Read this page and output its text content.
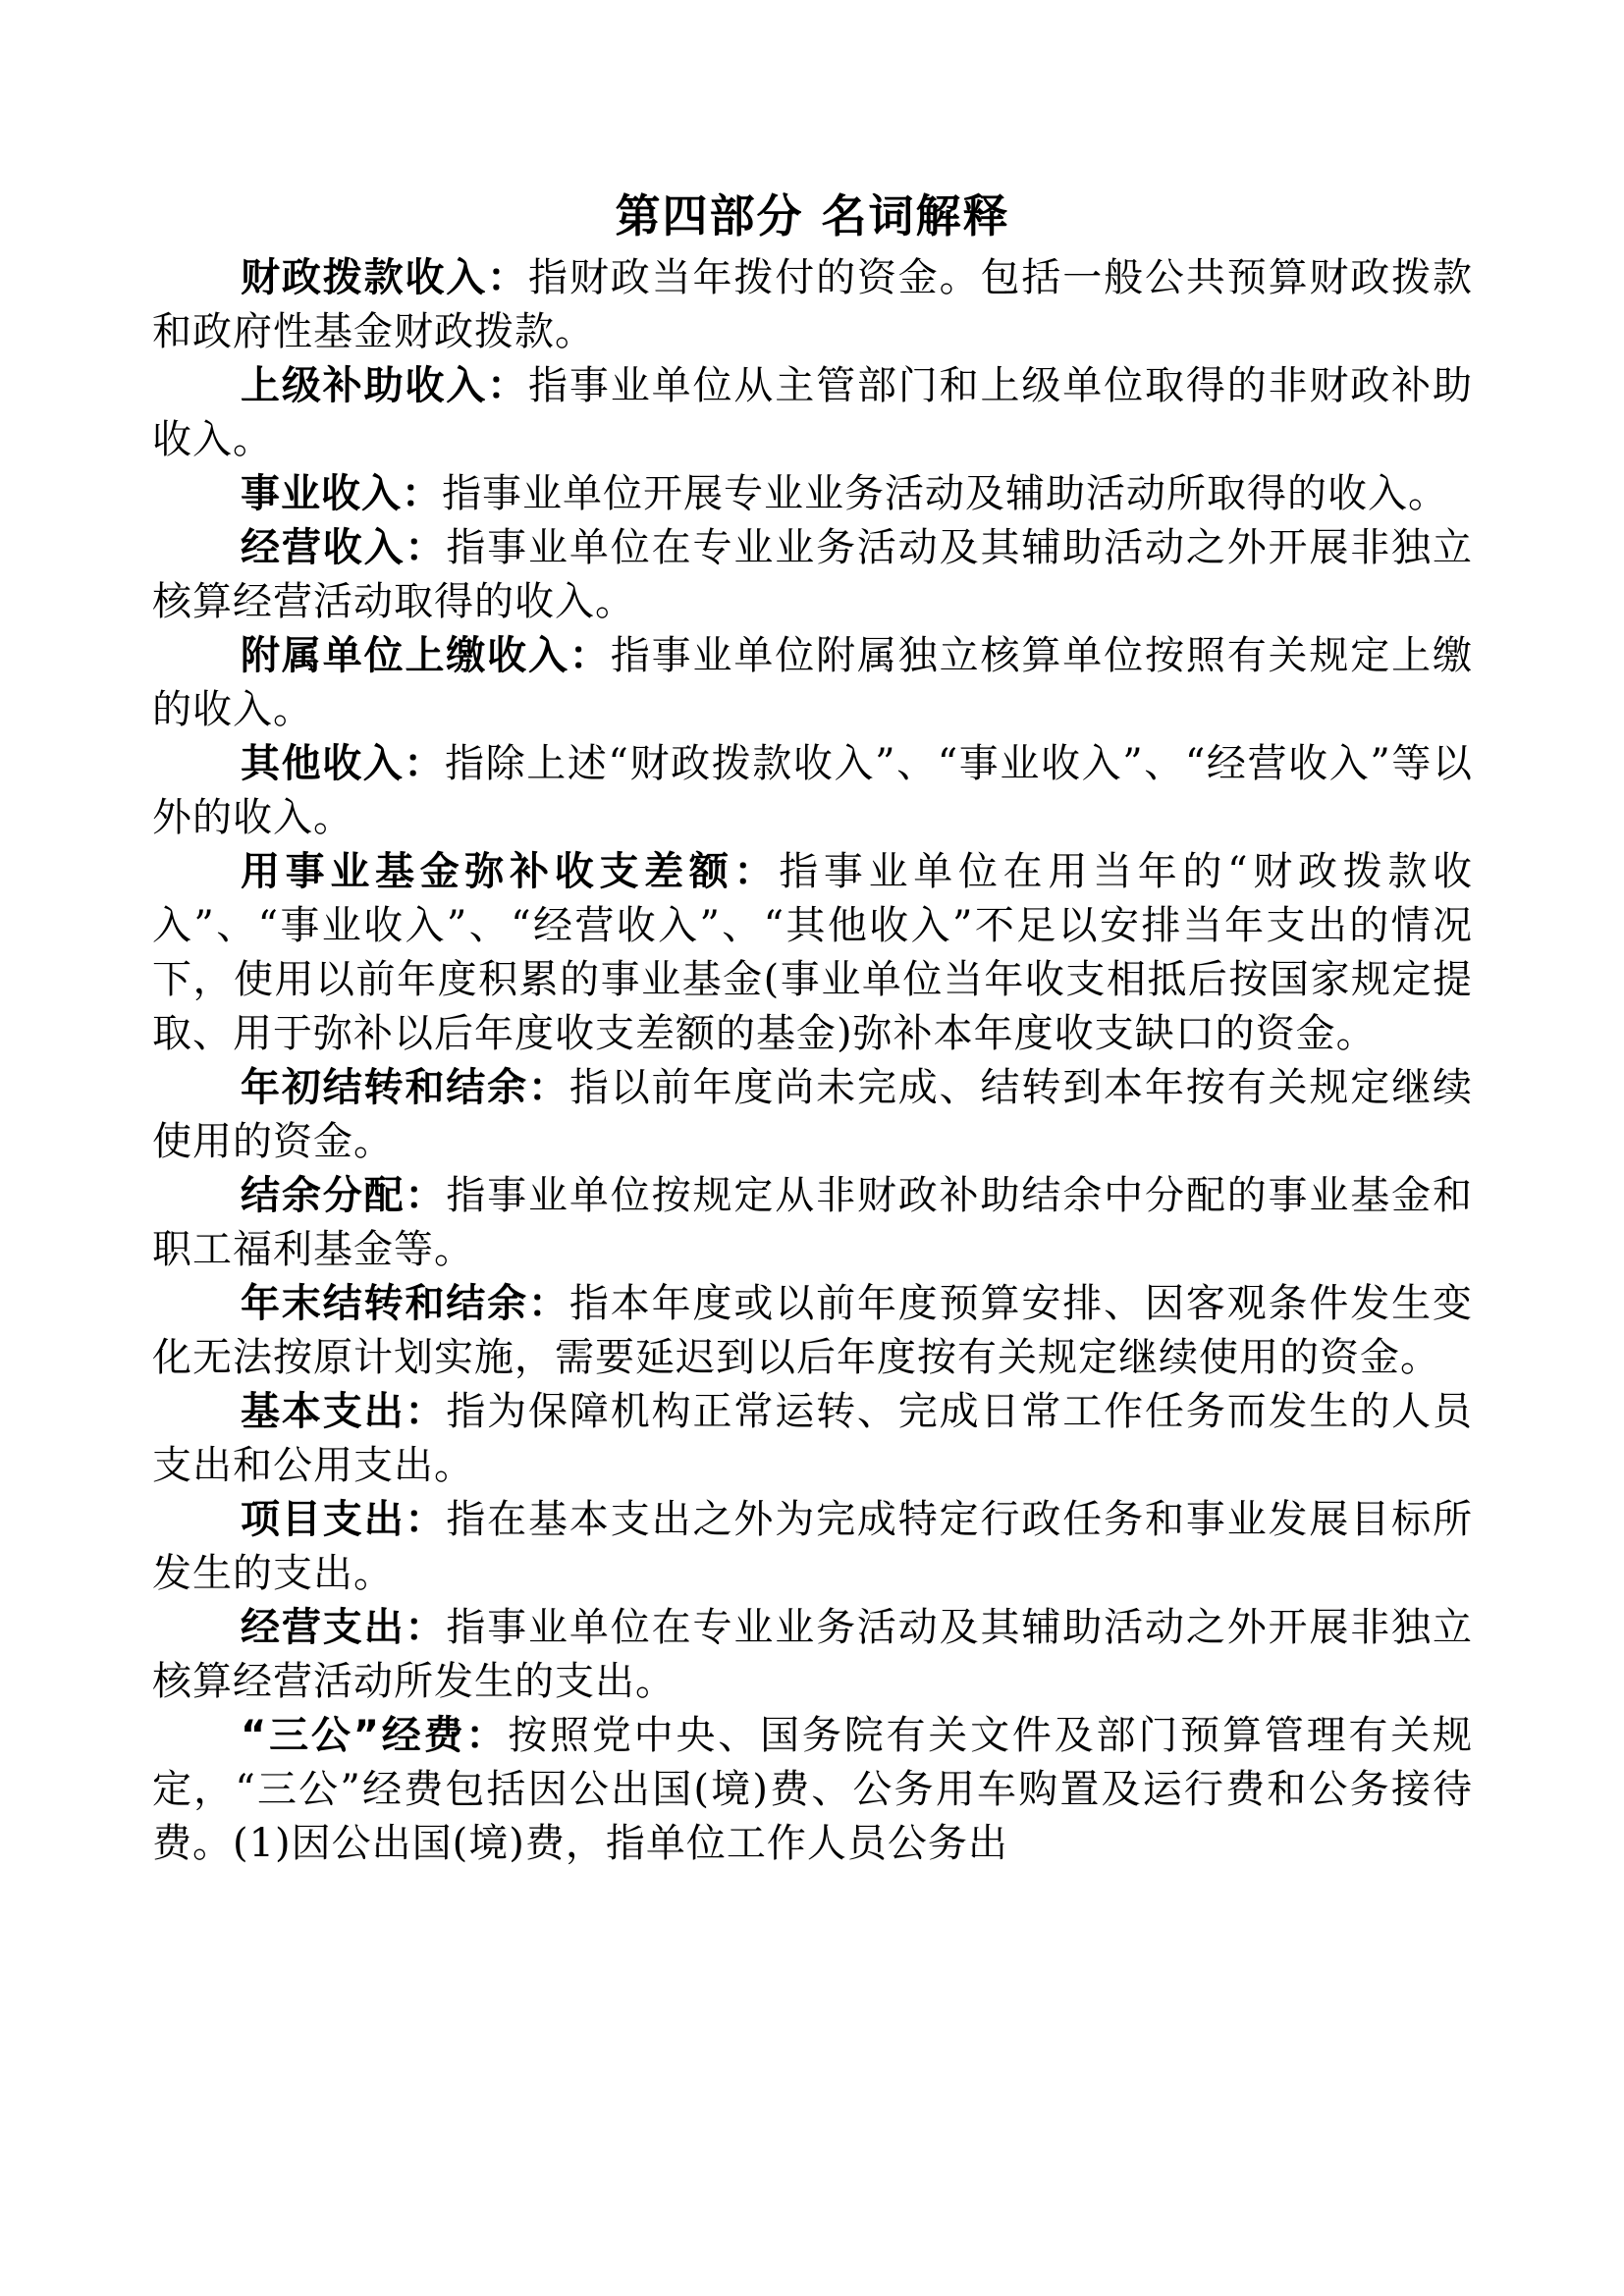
第四部分 名词解释

财政拨款收入：指财政当年拨付的资金。包括一般公共预算财政拨款和政府性基金财政拨款。

上级补助收入：指事业单位从主管部门和上级单位取得的非财政补助收入。

事业收入：指事业单位开展专业业务活动及辅助活动所取得的收入。

经营收入：指事业单位在专业业务活动及其辅助活动之外开展非独立核算经营活动取得的收入。

附属单位上缴收入：指事业单位附属独立核算单位按照有关规定上缴的收入。

其他收入：指除上述“财政拨款收入”、“事业收入”、“经营收入”等以外的收入。

用事业基金弥补收支差额：指事业单位在用当年的“财政拨款收入”、“事业收入”、“经营收入”、“其他收入”不足以安排当年支出的情况下，使用以前年度积累的事业基金(事业单位当年收支相抵后按国家规定提取、用于弥补以后年度收支差额的基金)弥补本年度收支缺口的资金。

年初结转和结余：指以前年度尚未完成、结转到本年按有关规定继续使用的资金。

结余分配：指事业单位按规定从非财政补助结余中分配的事业基金和职工福利基金等。

年末结转和结余：指本年度或以前年度预算安排、因客观条件发生变化无法按原计划实施，需要延迟到以后年度按有关规定继续使用的资金。

基本支出：指为保障机构正常运转、完成日常工作任务而发生的人员支出和公用支出。

项目支出：指在基本支出之外为完成特定行政任务和事业发展目标所发生的支出。

经营支出：指事业单位在专业业务活动及其辅助活动之外开展非独立核算经营活动所发生的支出。

“三公”经费：按照党中央、国务院有关文件及部门预算管理有关规定，“三公”经费包括因公出国(境)费、公务用车购置及运行费和公务接待费。(1)因公出国(境)费，指单位工作人员公务出
